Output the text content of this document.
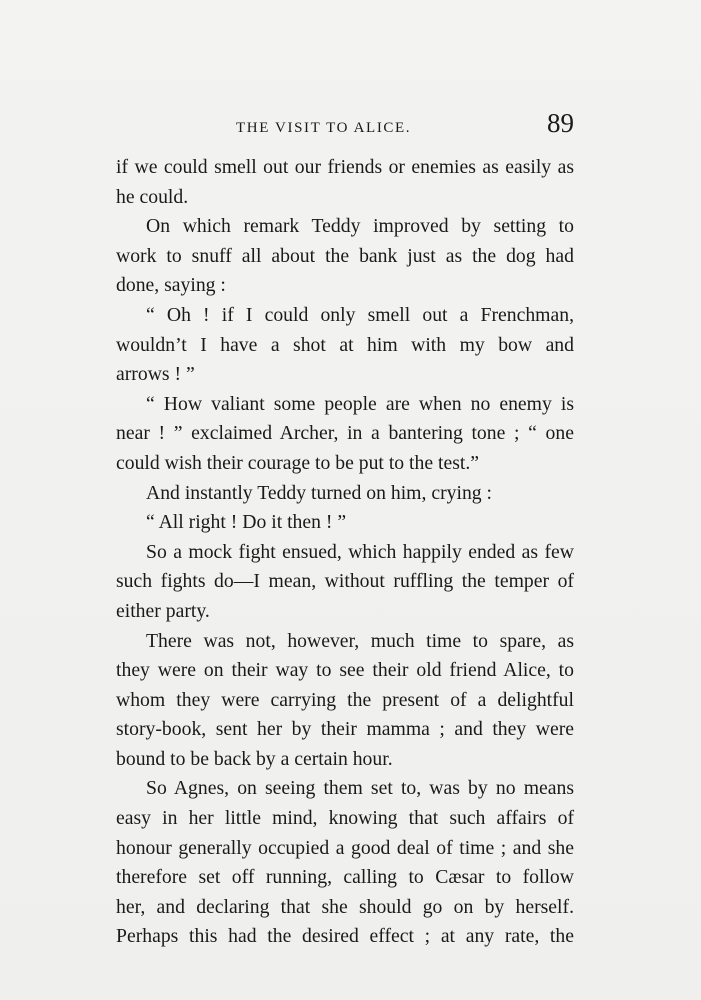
THE VISIT TO ALICE.	89
if we could smell out our friends or enemies as easily as
he could.
On which remark Teddy improved by setting to
work to snuff all about the bank just as the dog had
done, saying :
“ Oh ! if I could only smell out a Frenchman,
wouldn’t I have a shot at him with my bow and
arrows ! ”
“ How valiant some people are when no enemy is
near ! ” exclaimed Archer, in a bantering tone ; “ one
could wish their courage to be put to the test.”
And instantly Teddy turned on him, crying :
“ All right ! Do it then ! ”
So a mock fight ensued, which happily ended as few
such fights do—I mean, without ruffling the temper of
either party.
There was not, however, much time to spare, as
they were on their way to see their old friend Alice, to
whom they were carrying the present of a delightful
story-book, sent her by their mamma ; and they were
bound to be back by a certain hour.
So Agnes, on seeing them set to, was by no means
easy in her little mind, knowing that such affairs of
honour generally occupied a good deal of time ; and she
therefore set off running, calling to Cæsar to follow
her, and declaring that she should go on by herself.
Perhaps this had the desired effect ; at any rate, the
